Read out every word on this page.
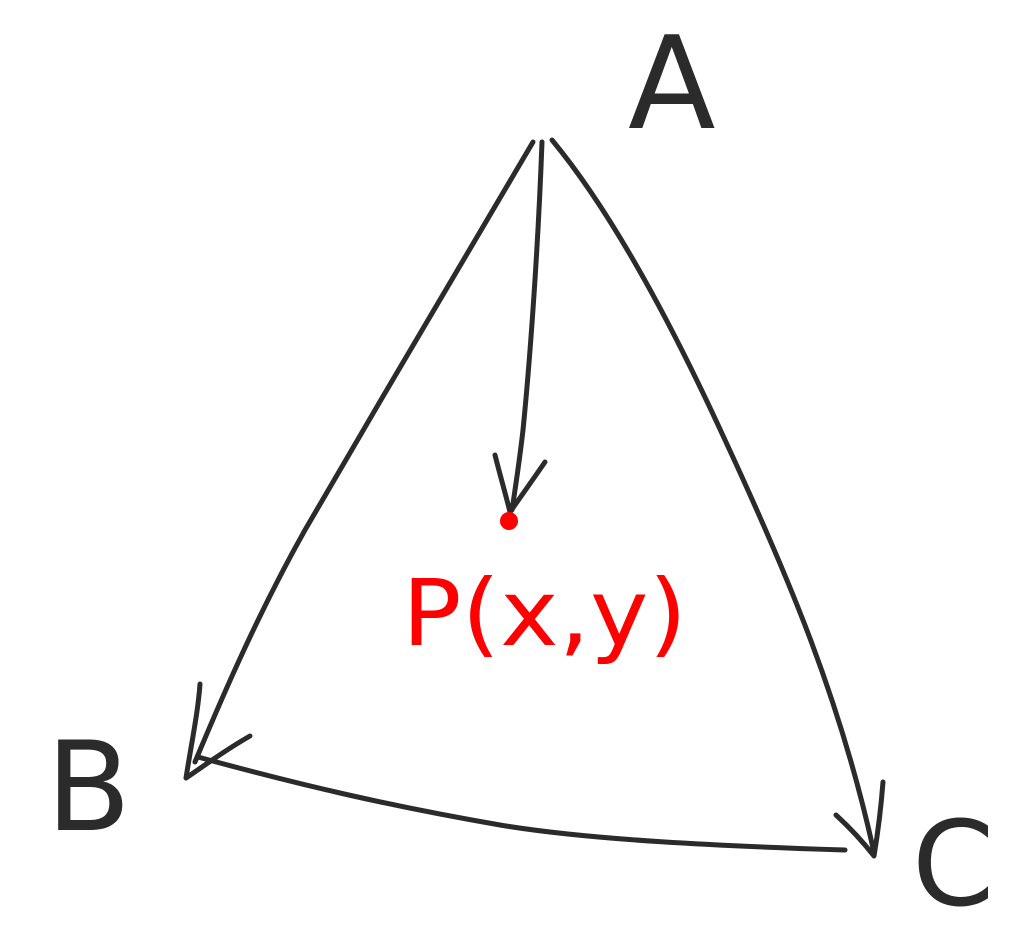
A
B
C
P(x,y)
